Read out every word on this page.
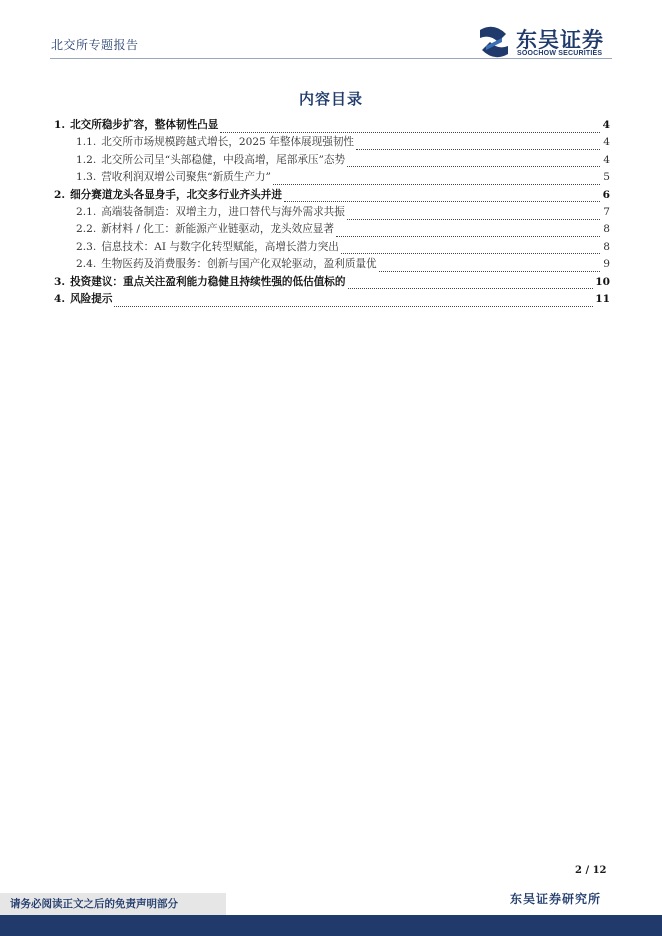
北交所专题报告	东吴证券
SOOCHOW SECURITIES
内容目录
1. 北交所稳步扩容，整体韧性凸显	4
1.1. 北交所市场规模跨越式增长，2025 年整体展现强韧性	4
1.2. 北交所公司呈“头部稳健，中段高增，尾部承压”态势	4
1.3. 营收利润双增公司聚焦“新质生产力”	5
2. 细分赛道龙头各显身手，北交多行业齐头并进	6
2.1. 高端装备制造：双增主力，进口替代与海外需求共振	7
2.2. 新材料 / 化工：新能源产业链驱动，龙头效应显著	8
2.3. 信息技术：AI 与数字化转型赋能，高增长潜力突出	8
2.4. 生物医药及消费服务：创新与国产化双轮驱动，盈利质量优	9
3. 投资建议：重点关注盈利能力稳健且持续性强的低估值标的	10
4. 风险提示	11
2 / 12
请务必阅读正文之后的免责声明部分	东吴证券研究所
